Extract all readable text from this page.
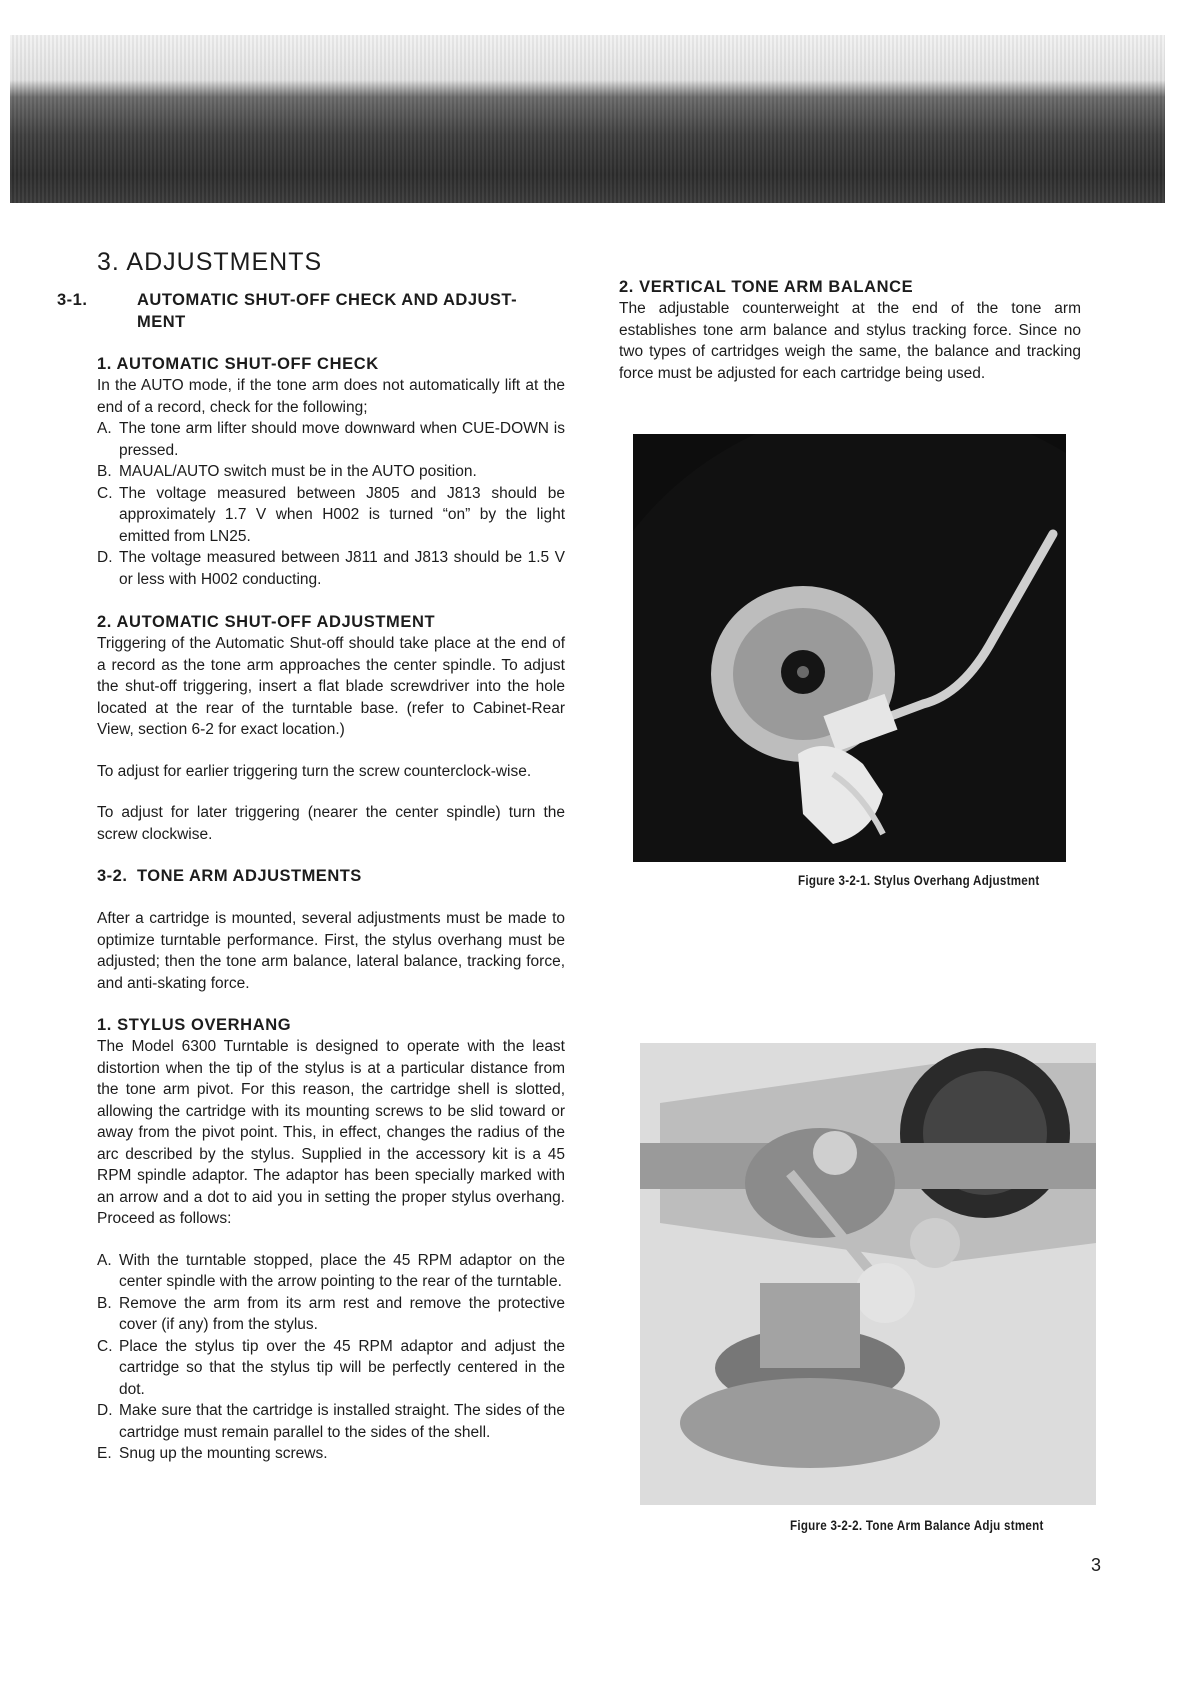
3. ADJUSTMENTS
3-1.	AUTOMATIC SHUT-OFF CHECK AND ADJUST- MENT
1. AUTOMATIC SHUT-OFF CHECK

In the AUTO mode, if the tone arm does not automatically lift at the end of a record, check for the following;

A. The tone arm lifter should move downward when CUE-DOWN is pressed.
B. MAUAL/AUTO switch must be in the AUTO position.
C. The voltage measured between J805 and J813 should be approximately 1.7 V when H002 is turned “on” by the light emitted from LN25.
D. The voltage measured between J811 and J813 should be 1.5 V or less with H002 conducting.
2. AUTOMATIC SHUT-OFF ADJUSTMENT

Triggering of the Automatic Shut-off should take place at the end of a record as the tone arm approaches the center spindle. To adjust the shut-off triggering, insert a flat blade screwdriver into the hole located at the rear of the turntable base. (refer to Cabinet-Rear View, section 6-2 for exact location.)

To adjust for earlier triggering turn the screw counterclock-wise.

To adjust for later triggering (nearer the center spindle) turn the screw clockwise.

3-2. TONE ARM ADJUSTMENTS

After a cartridge is mounted, several adjustments must be made to optimize turntable performance. First, the stylus overhang must be adjusted; then the tone arm balance, lateral balance, tracking force, and anti-skating force.

1. STYLUS OVERHANG

The Model 6300 Turntable is designed to operate with the least distortion when the tip of the stylus is at a particular distance from the tone arm pivot. For this reason, the cartridge shell is slotted, allowing the cartridge with its mounting screws to be slid toward or away from the pivot point. This, in effect, changes the radius of the arc described by the stylus. Supplied in the accessory kit is a 45 RPM spindle adaptor. The adaptor has been specially marked with an arrow and a dot to aid you in setting the proper stylus overhang. Proceed as follows:

A. With the turntable stopped, place the 45 RPM adaptor on the center spindle with the arrow pointing to the rear of the turntable.
B. Remove the arm from its arm rest and remove the protective cover (if any) from the stylus.
C. Place the stylus tip over the 45 RPM adaptor and adjust the cartridge so that the stylus tip will be perfectly centered in the dot.
D. Make sure that the cartridge is installed straight. The sides of the cartridge must remain parallel to the sides of the shell.
E. Snug up the mounting screws.
2. VERTICAL TONE ARM BALANCE

The adjustable counterweight at the end of the tone arm establishes tone arm balance and stylus tracking force. Since no two types of cartridges weigh the same, the balance and tracking force must be adjusted for each cartridge being used.

Figure 3-2-1. Stylus Overhang Adjustment
Figure 3-2-2. Tone Arm Balance Adju stment
3
